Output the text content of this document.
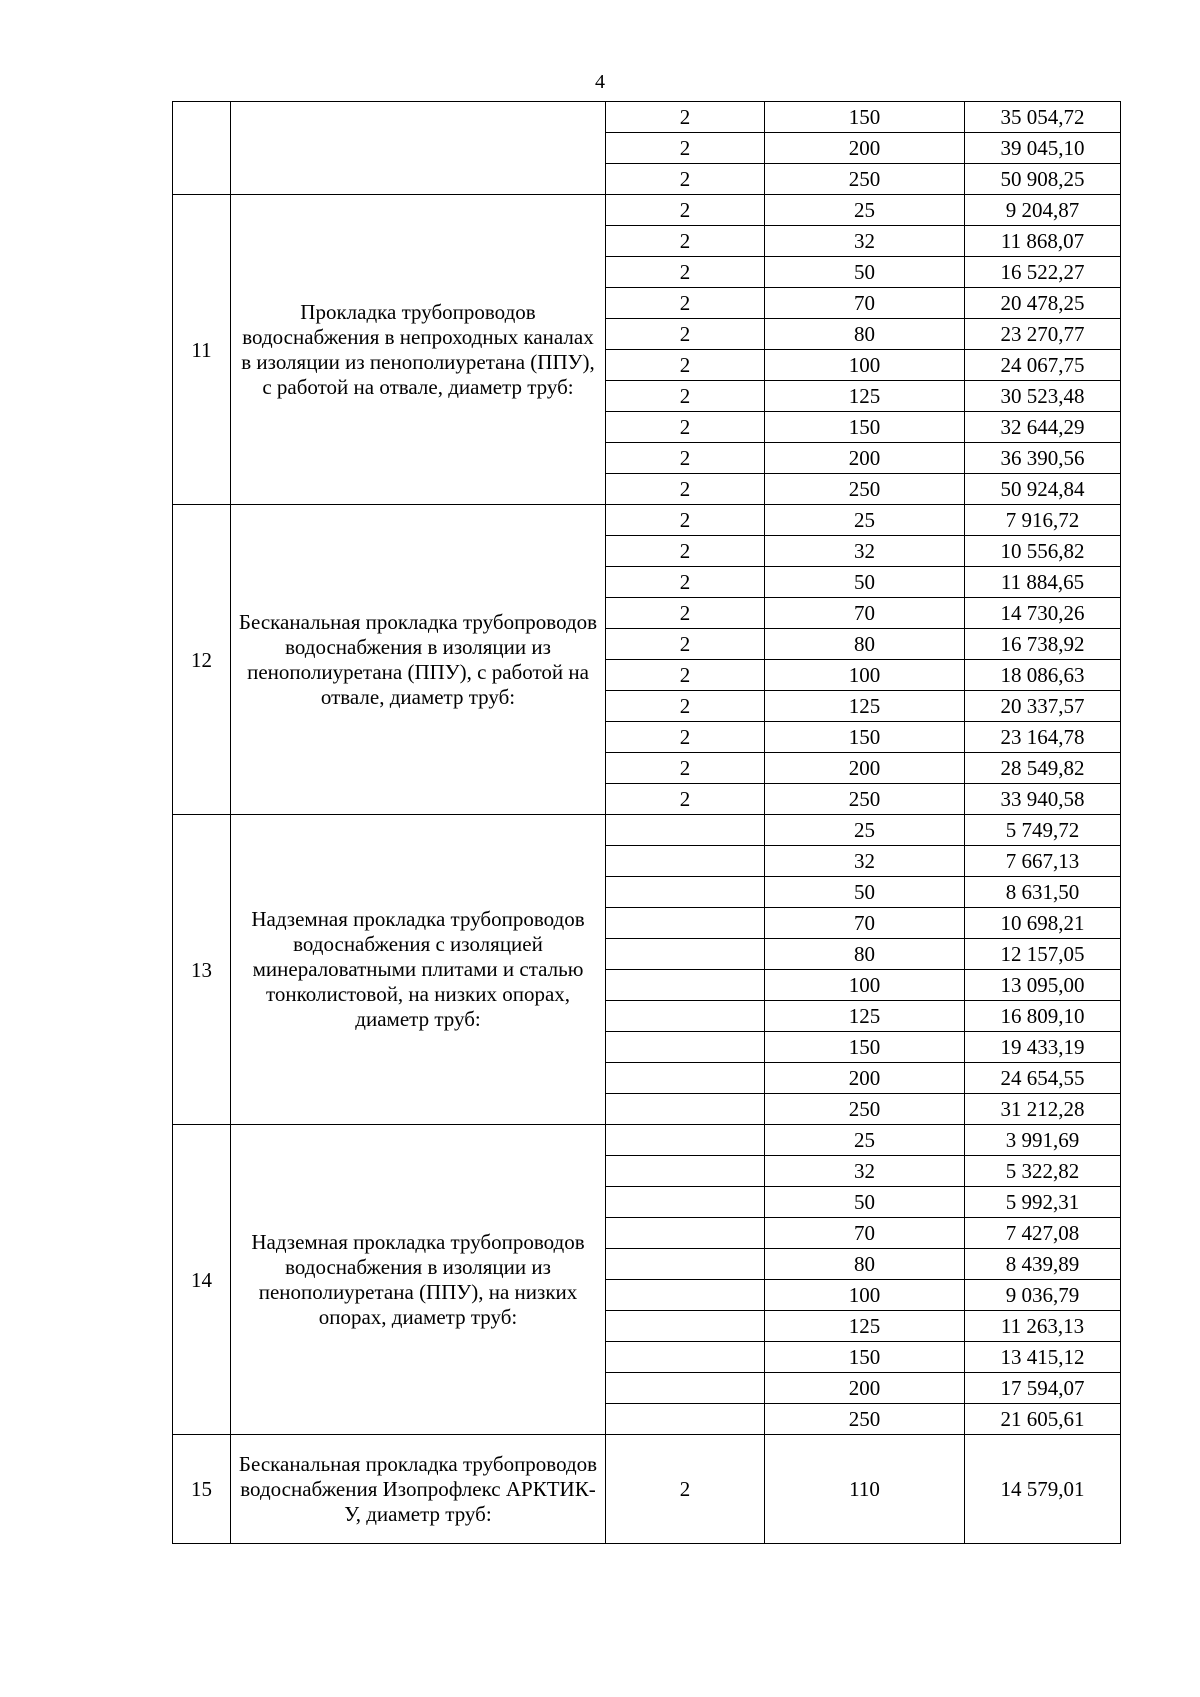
4
		2	150	35 054,72
		2	200	39 045,10
		2	250	50 908,25
11	Прокладка трубопроводов водоснабжения в непроходных каналах в изоляции из пенополиуретана (ППУ), с работой на отвале, диаметр труб:	2	25	9 204,87
		2	32	11 868,07
		2	50	16 522,27
		2	70	20 478,25
		2	80	23 270,77
		2	100	24 067,75
		2	125	30 523,48
		2	150	32 644,29
		2	200	36 390,56
		2	250	50 924,84
12	Бесканальная прокладка трубопроводов водоснабжения в изоляции из пенополиуретана (ППУ), с работой на отвале, диаметр труб:	2	25	7 916,72
		2	32	10 556,82
		2	50	11 884,65
		2	70	14 730,26
		2	80	16 738,92
		2	100	18 086,63
		2	125	20 337,57
		2	150	23 164,78
		2	200	28 549,82
		2	250	33 940,58
13	Надземная прокладка трубопроводов водоснабжения с изоляцией минераловатными плитами и сталью тонколистовой, на низких опорах, диаметр труб:		25	5 749,72
			32	7 667,13
			50	8 631,50
			70	10 698,21
			80	12 157,05
			100	13 095,00
			125	16 809,10
			150	19 433,19
			200	24 654,55
			250	31 212,28
14	Надземная прокладка трубопроводов водоснабжения в изоляции из пенополиуретана (ППУ), на низких опорах, диаметр труб:		25	3 991,69
			32	5 322,82
			50	5 992,31
			70	7 427,08
			80	8 439,89
			100	9 036,79
			125	11 263,13
			150	13 415,12
			200	17 594,07
			250	21 605,61
15	Бесканальная прокладка трубопроводов водоснабжения Изопрофлекс АРКТИК-У, диаметр труб:	2	110	14 579,01
